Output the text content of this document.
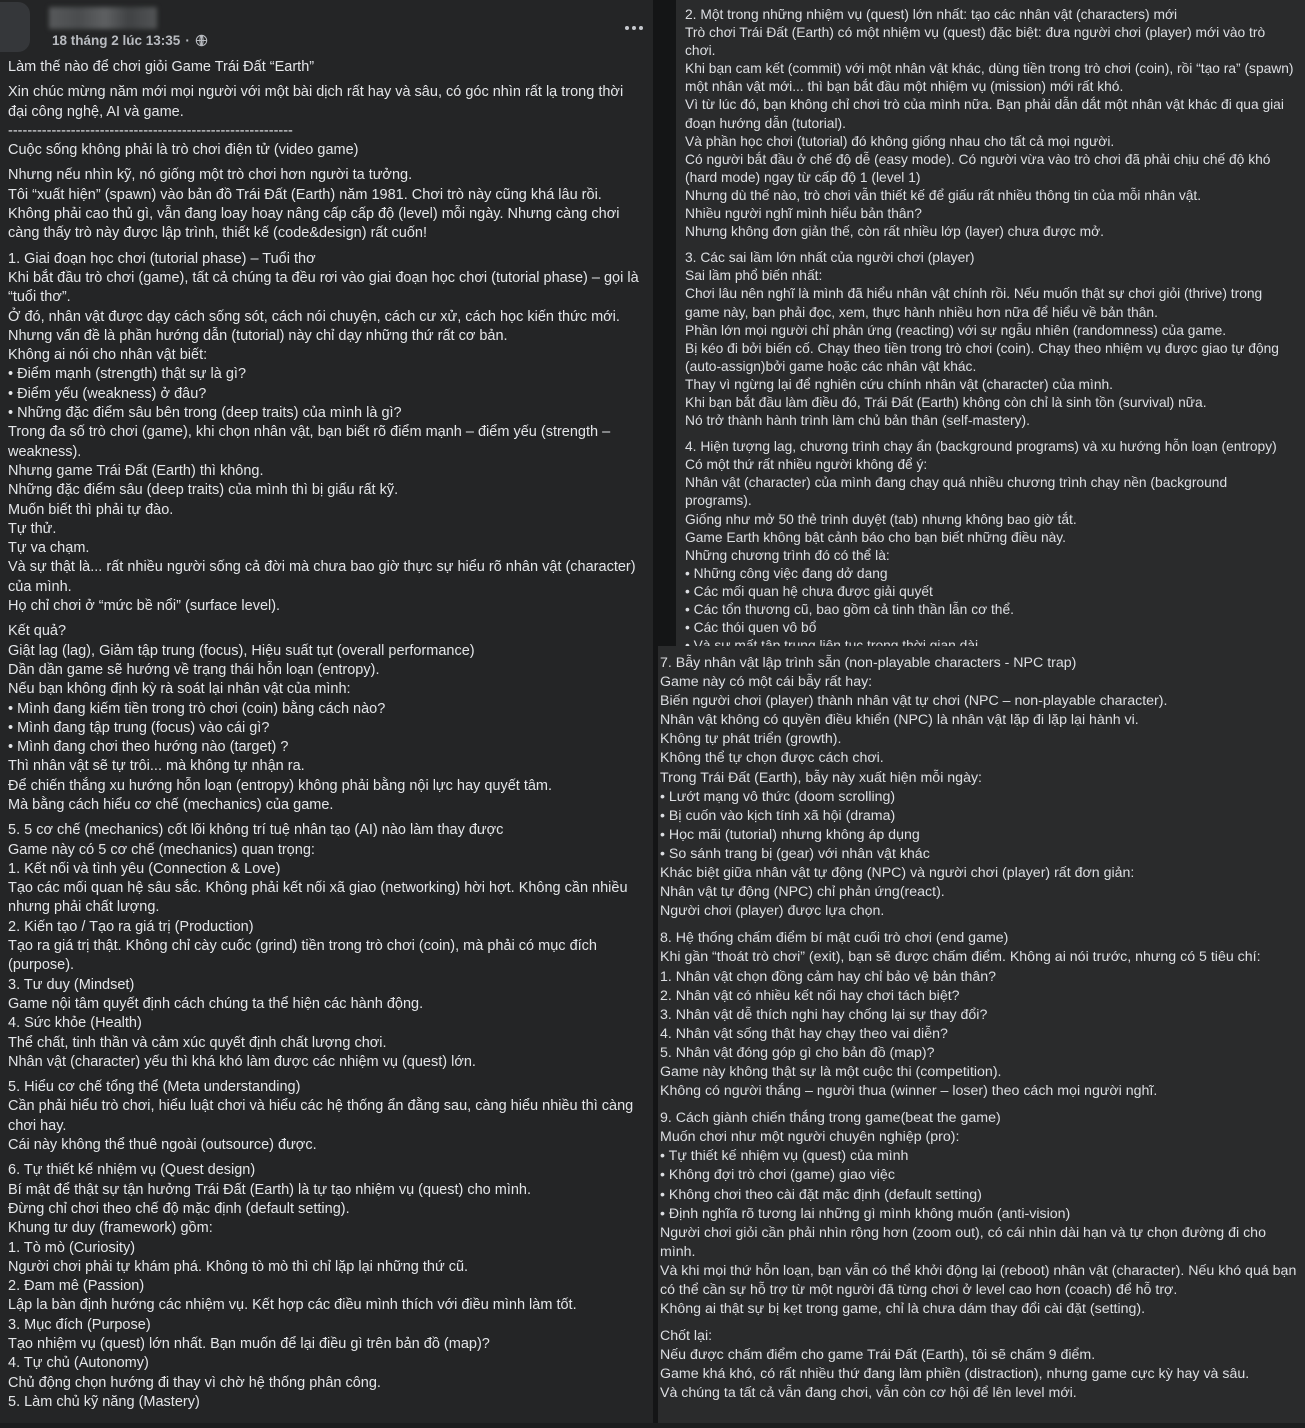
18 tháng 2 lúc 13:35 ·
Làm thế nào để chơi giỏi Game Trái Đất “Earth”
Xin chúc mừng năm mới mọi người với một bài dịch rất hay và sâu, có góc nhìn rất lạ trong thời đại công nghệ, AI và game.
-----------------------------------------------------------
Cuộc sống không phải là trò chơi điện tử (video game)
Nhưng nếu nhìn kỹ, nó giống một trò chơi hơn người ta tưởng.
Tôi “xuất hiện” (spawn) vào bản đồ Trái Đất (Earth) năm 1981. Chơi trò này cũng khá lâu rồi. Không phải cao thủ gì, vẫn đang loay hoay nâng cấp cấp độ (level) mỗi ngày. Nhưng càng chơi càng thấy trò này được lập trình, thiết kế (code&design) rất cuốn!
1. Giai đoạn học chơi (tutorial phase) – Tuổi thơ
Khi bắt đầu trò chơi (game), tất cả chúng ta đều rơi vào giai đoạn học chơi (tutorial phase) – gọi là “tuổi thơ”.
Ở đó, nhân vật được dạy cách sống sót, cách nói chuyện, cách cư xử, cách học kiến thức mới.
Nhưng vấn đề là phần hướng dẫn (tutorial) này chỉ dạy những thứ rất cơ bản.
Không ai nói cho nhân vật biết:
• Điểm mạnh (strength) thật sự là gì?
• Điểm yếu (weakness) ở đâu?
• Những đặc điểm sâu bên trong (deep traits) của mình là gì?
Trong đa số trò chơi (game), khi chọn nhân vật, bạn biết rõ điểm mạnh – điểm yếu (strength – weakness).
Nhưng game Trái Đất (Earth) thì không.
Những đặc điểm sâu (deep traits) của mình thì bị giấu rất kỹ.
Muốn biết thì phải tự đào.
Tự thử.
Tự va chạm.
Và sự thật là... rất nhiều người sống cả đời mà chưa bao giờ thực sự hiểu rõ nhân vật (character) của mình.
Họ chỉ chơi ở “mức bề nổi” (surface level).
Kết quả?
Giật lag (lag), Giảm tập trung (focus), Hiệu suất tụt (overall performance)
Dần dần game sẽ hướng về trạng thái hỗn loạn (entropy).
Nếu bạn không định kỳ rà soát lại nhân vật của mình:
• Mình đang kiếm tiền trong trò chơi (coin) bằng cách nào?
• Mình đang tập trung (focus) vào cái gì?
• Mình đang chơi theo hướng nào (target) ?
Thì nhân vật sẽ tự trôi... mà không tự nhận ra.
Để chiến thắng xu hướng hỗn loạn (entropy) không phải bằng nội lực hay quyết tâm.
Mà bằng cách hiểu cơ chế (mechanics) của game.
5. 5 cơ chế (mechanics) cốt lõi không trí tuệ nhân tạo (AI) nào làm thay được
Game này có 5 cơ chế (mechanics) quan trọng:
1. Kết nối và tình yêu (Connection & Love)
Tạo các mối quan hệ sâu sắc. Không phải kết nối xã giao (networking) hời hợt. Không cần nhiều nhưng phải chất lượng.
2. Kiến tạo / Tạo ra giá trị (Production)
Tạo ra giá trị thật. Không chỉ cày cuốc (grind) tiền trong trò chơi (coin), mà phải có mục đích (purpose).
3. Tư duy (Mindset)
Game nội tâm quyết định cách chúng ta thể hiện các hành động.
4. Sức khỏe (Health)
Thể chất, tinh thần và cảm xúc quyết định chất lượng chơi.
Nhân vật (character) yếu thì khá khó làm được các nhiệm vụ (quest) lớn.
5. Hiểu cơ chế tổng thể (Meta understanding)
Cần phải hiểu trò chơi, hiểu luật chơi và hiểu các hệ thống ẩn đằng sau, càng hiểu nhiều thì càng chơi hay.
Cái này không thể thuê ngoài (outsource) được.
6. Tự thiết kế nhiệm vụ (Quest design)
Bí mật để thật sự tận hưởng Trái Đất (Earth) là tự tạo nhiệm vụ (quest) cho mình.
Đừng chỉ chơi theo chế độ mặc định (default setting).
Khung tư duy (framework) gồm:
1. Tò mò (Curiosity)
Người chơi phải tự khám phá. Không tò mò thì chỉ lặp lại những thứ cũ.
2. Đam mê (Passion)
Lập la bàn định hướng các nhiệm vụ. Kết hợp các điều mình thích với điều mình làm tốt.
3. Mục đích (Purpose)
Tạo nhiệm vụ (quest) lớn nhất. Bạn muốn để lại điều gì trên bản đồ (map)?
4. Tự chủ (Autonomy)
Chủ động chọn hướng đi thay vì chờ hệ thống phân công.
5. Làm chủ kỹ năng (Mastery)
2. Một trong những nhiệm vụ (quest) lớn nhất: tạo các nhân vật (characters) mới
Trò chơi Trái Đất (Earth) có một nhiệm vụ (quest) đặc biệt: đưa người chơi (player) mới vào trò chơi.
Khi bạn cam kết (commit) với một nhân vật khác, dùng tiền trong trò chơi (coin), rồi “tạo ra” (spawn) một nhân vật mới... thì bạn bắt đầu một nhiệm vụ (mission) mới rất khó.
Vì từ lúc đó, bạn không chỉ chơi trò của mình nữa. Bạn phải dẫn dắt một nhân vật khác đi qua giai đoạn hướng dẫn (tutorial).
Và phần học chơi (tutorial) đó không giống nhau cho tất cả mọi người.
Có người bắt đầu ở chế độ dễ (easy mode). Có người vừa vào trò chơi đã phải chịu chế độ khó (hard mode) ngay từ cấp độ 1 (level 1)
Nhưng dù thế nào, trò chơi vẫn thiết kế để giấu rất nhiều thông tin của mỗi nhân vật.
Nhiều người nghĩ mình hiểu bản thân?
Nhưng không đơn giản thế, còn rất nhiều lớp (layer) chưa được mở.
3. Các sai lầm lớn nhất của người chơi (player)
Sai lầm phổ biến nhất:
Chơi lâu nên nghĩ là mình đã hiểu nhân vật chính rồi. Nếu muốn thật sự chơi giỏi (thrive) trong game này, bạn phải đọc, xem, thực hành nhiều hơn nữa để hiểu về bản thân.
Phần lớn mọi người chỉ phản ứng (reacting) với sự ngẫu nhiên (randomness) của game.
Bị kéo đi bởi biến cố. Chạy theo tiền trong trò chơi (coin). Chạy theo nhiệm vụ được giao tự động (auto-assign)bởi game hoặc các nhân vật khác.
Thay vì ngừng lại để nghiên cứu chính nhân vật (character) của mình.
Khi bạn bắt đầu làm điều đó, Trái Đất (Earth) không còn chỉ là sinh tồn (survival) nữa.
Nó trở thành hành trình làm chủ bản thân (self-mastery).
4. Hiện tượng lag, chương trình chạy ẩn (background programs) và xu hướng hỗn loạn (entropy)
Có một thứ rất nhiều người không để ý:
Nhân vật (character) của mình đang chạy quá nhiều chương trình chạy nền (background programs).
Giống như mở 50 thẻ trình duyệt (tab) nhưng không bao giờ tắt.
Game Earth không bật cảnh báo cho bạn biết những điều này.
Những chương trình đó có thể là:
• Những công việc đang dở dang
• Các mối quan hệ chưa được giải quyết
• Các tổn thương cũ, bao gồm cả tinh thần lẫn cơ thể.
• Các thói quen vô bổ
7. Bẫy nhân vật lập trình sẵn (non-playable characters - NPC trap)
Game này có một cái bẫy rất hay:
Biến người chơi (player) thành nhân vật tự chơi (NPC – non-playable character).
Nhân vật không có quyền điều khiển (NPC) là nhân vật lặp đi lặp lại hành vi.
Không tự phát triển (growth).
Không thể tự chọn được cách chơi.
Trong Trái Đất (Earth), bẫy này xuất hiện mỗi ngày:
• Lướt mạng vô thức (doom scrolling)
• Bị cuốn vào kịch tính xã hội (drama)
• Học mãi (tutorial) nhưng không áp dụng
• So sánh trang bị (gear) với nhân vật khác
Khác biệt giữa nhân vật tự động (NPC) và người chơi (player) rất đơn giản:
Nhân vật tự động (NPC) chỉ phản ứng(react).
Người chơi (player) được lựa chọn.
8. Hệ thống chấm điểm bí mật cuối trò chơi (end game)
Khi gần “thoát trò chơi” (exit), bạn sẽ được chấm điểm. Không ai nói trước, nhưng có 5 tiêu chí:
1. Nhân vật chọn đồng cảm hay chỉ bảo vệ bản thân?
2. Nhân vật có nhiều kết nối hay chơi tách biệt?
3. Nhân vật dễ thích nghi hay chống lại sự thay đổi?
4. Nhân vật sống thật hay chạy theo vai diễn?
5. Nhân vật đóng góp gì cho bản đồ (map)?
Game này không thật sự là một cuộc thi (competition).
Không có người thắng – người thua (winner – loser) theo cách mọi người nghĩ.
9. Cách giành chiến thắng trong game(beat the game)
Muốn chơi như một người chuyên nghiệp (pro):
• Tự thiết kế nhiệm vụ (quest) của mình
• Không đợi trò chơi (game) giao việc
• Không chơi theo cài đặt mặc định (default setting)
• Định nghĩa rõ tương lai những gì mình không muốn (anti-vision)
Người chơi giỏi cần phải nhìn rộng hơn (zoom out), có cái nhìn dài hạn và tự chọn đường đi cho mình.
Và khi mọi thứ hỗn loạn, bạn vẫn có thể khởi động lại (reboot) nhân vật (character). Nếu khó quá bạn có thể cần sự hỗ trợ từ một người đã từng chơi ở level cao hơn (coach) để hỗ trợ.
Không ai thật sự bị kẹt trong game, chỉ là chưa dám thay đổi cài đặt (setting).
Chốt lại:
Nếu được chấm điểm cho game Trái Đất (Earth), tôi sẽ chấm 9 điểm.
Game khá khó, có rất nhiều thứ đang làm phiền (distraction), nhưng game cực kỳ hay và sâu.
Và chúng ta tất cả vẫn đang chơi, vẫn còn cơ hội để lên level mới.
